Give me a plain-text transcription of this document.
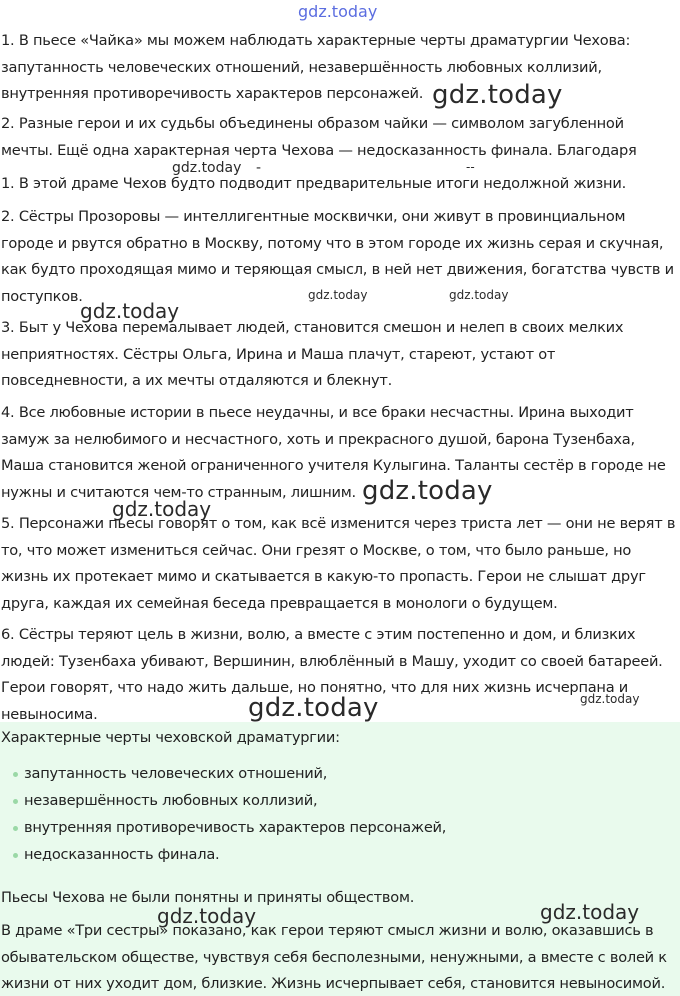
1. В пьесе «Чайка» мы можем наблюдать характерные черты драматургии Чехова: запутанность человеческих отношений, незавершённость любовных коллизий, внутренняя противоречивость характеров персонажей.

2. Разные герои и их судьбы объединены образом чайки — символом загубленной мечты. Ещё одна характерная черта Чехова — недосказанность финала. Благодаря

1. В этой драме Чехов будто подводит предварительные итоги недолжной жизни.

2. Сёстры Прозоровы — интеллигентные москвички, они живут в провинциальном городе и рвутся обратно в Москву, потому что в этом городе их жизнь серая и скучная, как будто проходящая мимо и теряющая смысл, в ней нет движения, богатства чувств и поступков.

3. Быт у Чехова перемалывает людей, становится смешон и нелеп в своих мелких неприятностях. Сёстры Ольга, Ирина и Маша плачут, стареют, устают от повседневности, а их мечты отдаляются и блекнут.

4. Все любовные истории в пьесе неудачны, и все браки несчастны. Ирина выходит замуж за нелюбимого и несчастного, хоть и прекрасного душой, барона Тузенбаха, Маша становится женой ограниченного учителя Кулыгина. Таланты сестёр в городе не нужны и считаются чем-то странным, лишним.

5. Персонажи пьесы говорят о том, как всё изменится через триста лет — они не верят в то, что может измениться сейчас. Они грезят о Москве, о том, что было раньше, но жизнь их протекает мимо и скатывается в какую-то пропасть. Герои не слышат друг друга, каждая их семейная беседа превращается в монологи о будущем.

6. Сёстры теряют цель в жизни, волю, а вместе с этим постепенно и дом, и близких людей: Тузенбаха убивают, Вершинин, влюблённый в Машу, уходит со своей батареей. Герои говорят, что надо жить дальше, но понятно, что для них жизнь исчерпана и невыносима.

Характерные черты чеховской драматургии:

запутанность человеческих отношений,
незавершённость любовных коллизий,
внутренняя противоречивость характеров персонажей,
недосказанность финала.

Пьесы Чехова не были понятны и приняты обществом.

В драме «Три сестры» показано, как герои теряют смысл жизни и волю, оказавшись в обывательском обществе, чувствуя себя бесполезными, ненужными, а вместе с волей к жизни от них уходит дом, близкие. Жизнь исчерпывает себя, становится невыносимой.

gdz.today
gdz.today
gdz.today -	--
gdz.today
gdz.today	gdz.today
gdz.today
gdz.today
gdz.today	gdz.today
gdz.today	gdz.today
